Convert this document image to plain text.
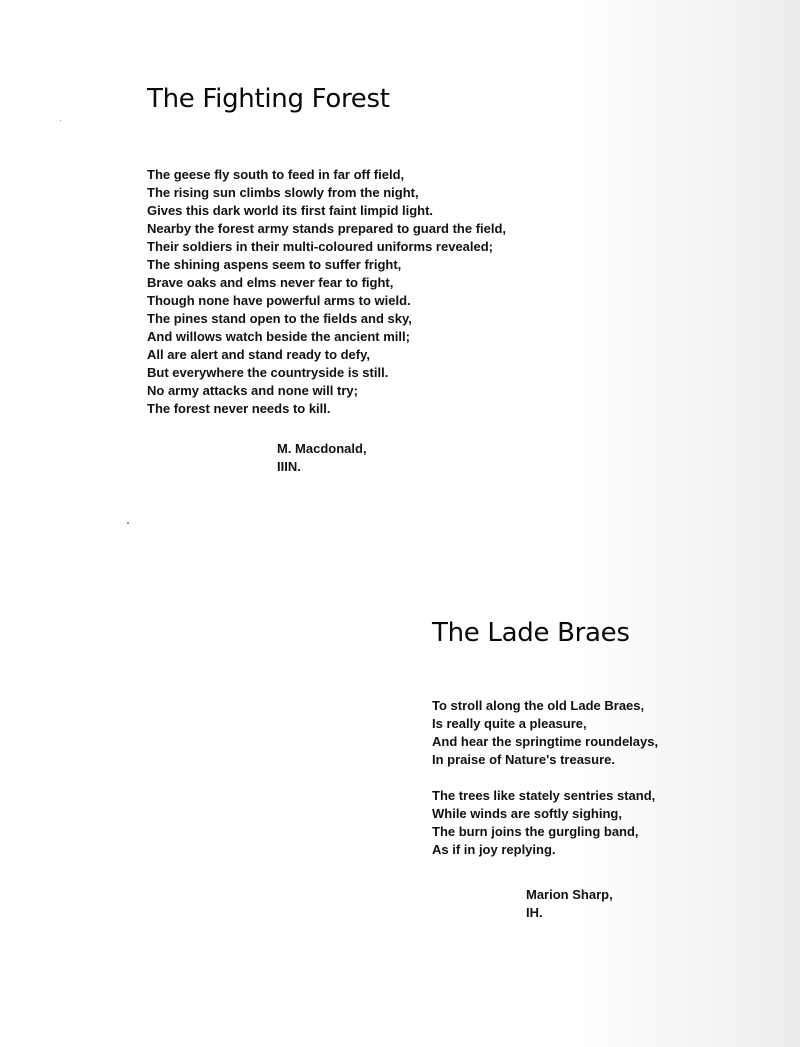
The Fighting Forest
The geese fly south to feed in far off field,
The rising sun climbs slowly from the night,
Gives this dark world its first faint limpid light.
Nearby the forest army stands prepared to guard the field,
Their soldiers in their multi-coloured uniforms revealed;
The shining aspens seem to suffer fright,
Brave oaks and elms never fear to fight,
Though none have powerful arms to wield.
The pines stand open to the fields and sky,
And willows watch beside the ancient mill;
All are alert and stand ready to defy,
But everywhere the countryside is still.
No army attacks and none will try;
The forest never needs to kill.
M. Macdonald,
IIIN.
The Lade Braes
To stroll along the old Lade Braes,
Is really quite a pleasure,
And hear the springtime roundelays,
In praise of Nature's treasure.
The trees like stately sentries stand,
While winds are softly sighing,
The burn joins the gurgling band,
As if in joy replying.
Marion Sharp,
IH.
